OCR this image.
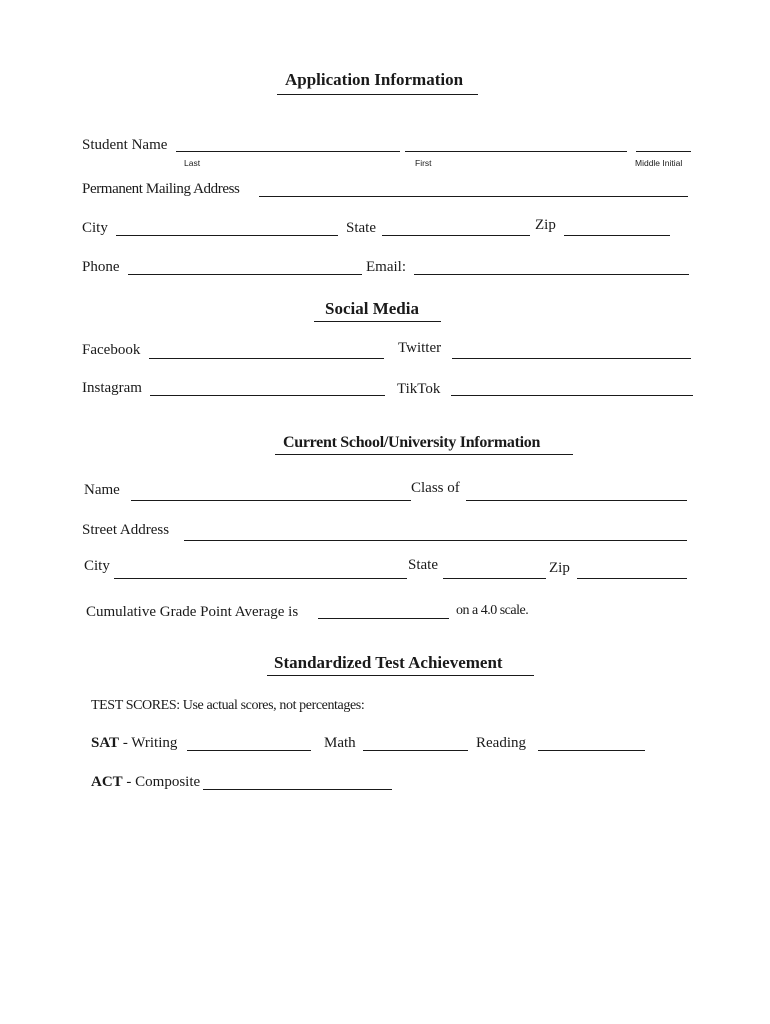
Application Information
Student Name
Last	First	Middle Initial
Permanent Mailing Address
City	State	Zip
Phone	Email:
Social Media
Facebook	Twitter
Instagram	TikTok
Current School/University Information
Name	Class of
Street Address
City	State	Zip
Cumulative Grade Point Average is	on a 4.0 scale.
Standardized Test Achievement
TEST SCORES: Use actual scores, not percentages:
SAT - Writing	Math	Reading
ACT - Composite
